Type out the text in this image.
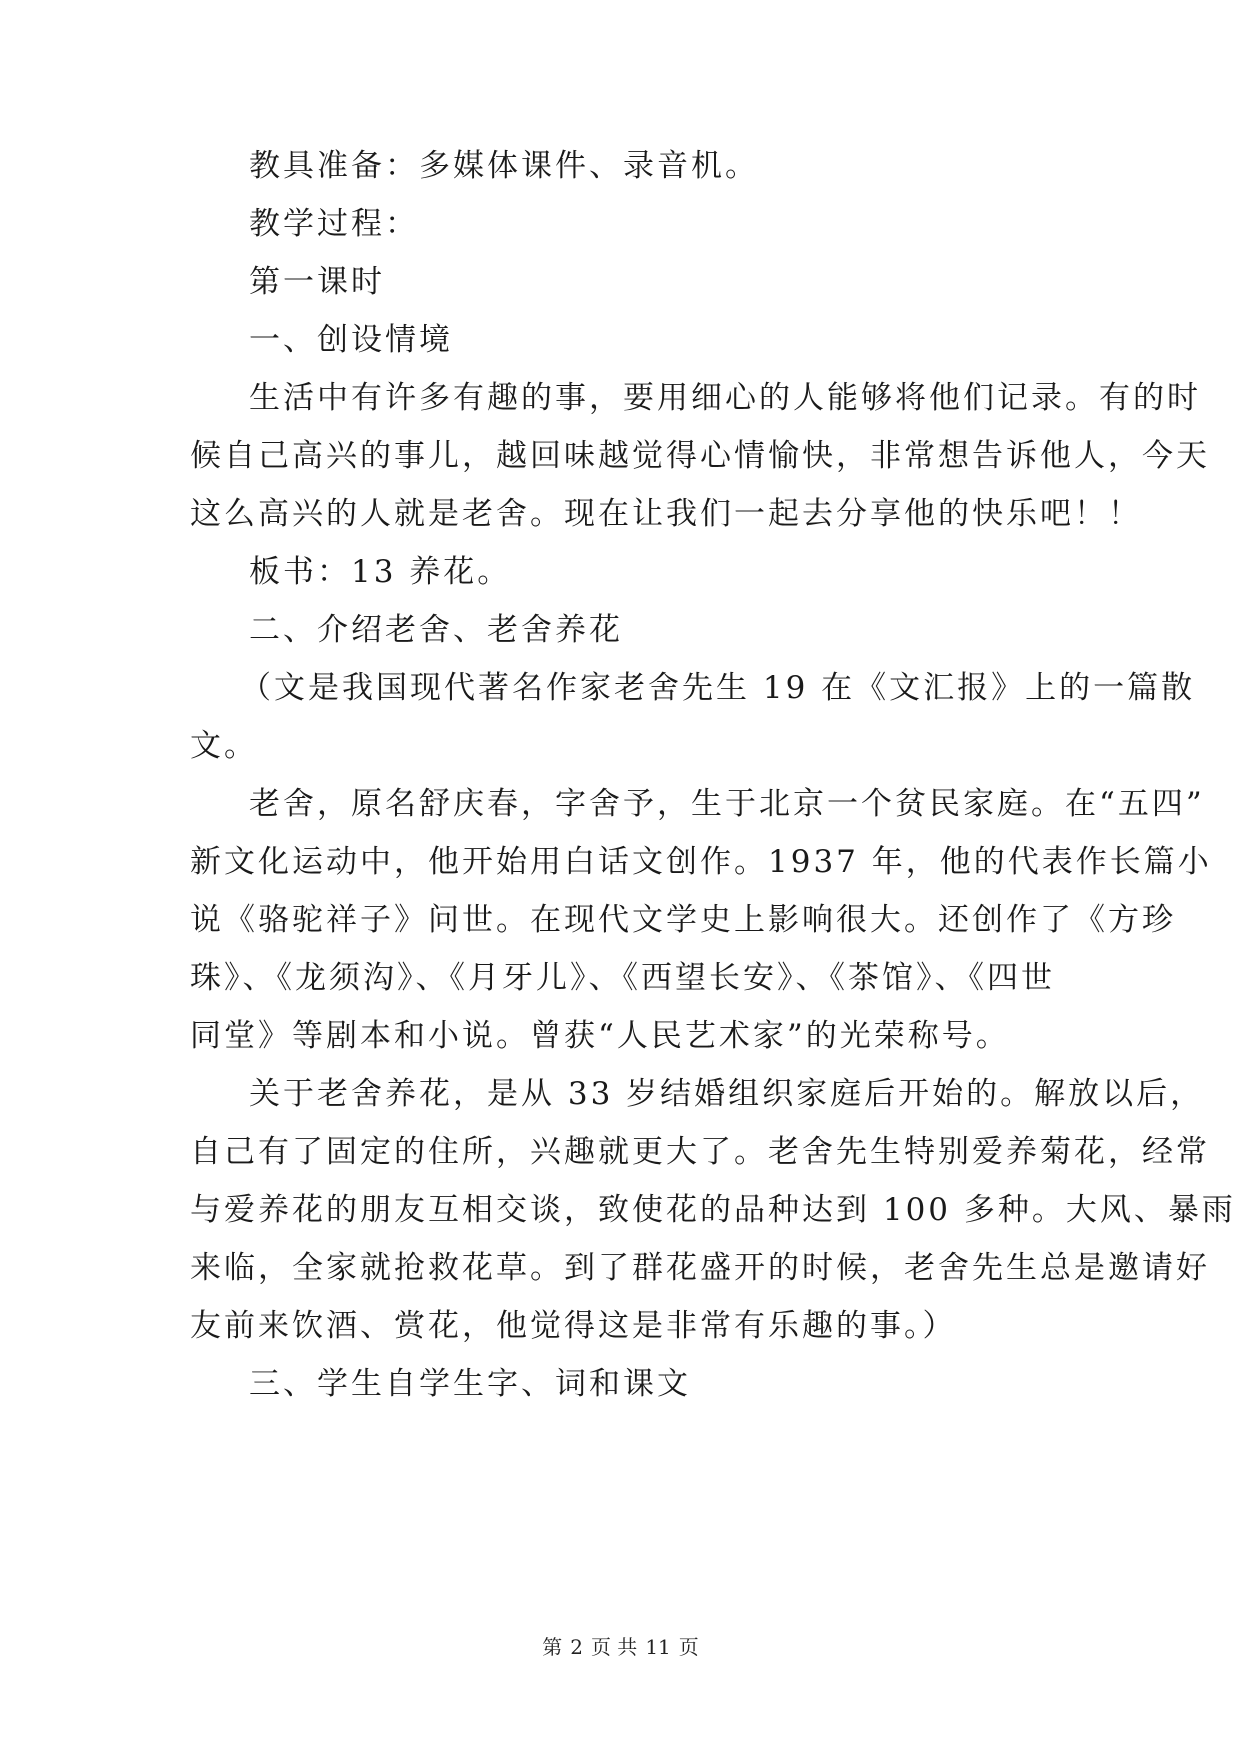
教具准备：多媒体课件、录音机。
教学过程：
第一课时
一、创设情境
生活中有许多有趣的事，要用细心的人能够将他们记录。有的时
候自己高兴的事儿，越回味越觉得心情愉快，非常想告诉他人，今天
这么高兴的人就是老舍。现在让我们一起去分享他的快乐吧！！
板书：13 养花。
二、介绍老舍、老舍养花
（文是我国现代著名作家老舍先生 19 在《文汇报》上的一篇散
文。
老舍，原名舒庆春，字舍予，生于北京一个贫民家庭。在“五四”
新文化运动中，他开始用白话文创作。1937 年，他的代表作长篇小
说《骆驼祥子》问世。在现代文学史上影响很大。还创作了《方珍
珠》、《龙须沟》、《月牙儿》、《西望长安》、《茶馆》、《四世
同堂》等剧本和小说。曾获“人民艺术家”的光荣称号。
关于老舍养花，是从 33 岁结婚组织家庭后开始的。解放以后，
自己有了固定的住所，兴趣就更大了。老舍先生特别爱养菊花，经常
与爱养花的朋友互相交谈，致使花的品种达到 100 多种。大风、暴雨
来临，全家就抢救花草。到了群花盛开的时候，老舍先生总是邀请好
友前来饮酒、赏花，他觉得这是非常有乐趣的事。）
三、学生自学生字、词和课文
第 2 页 共 11 页
